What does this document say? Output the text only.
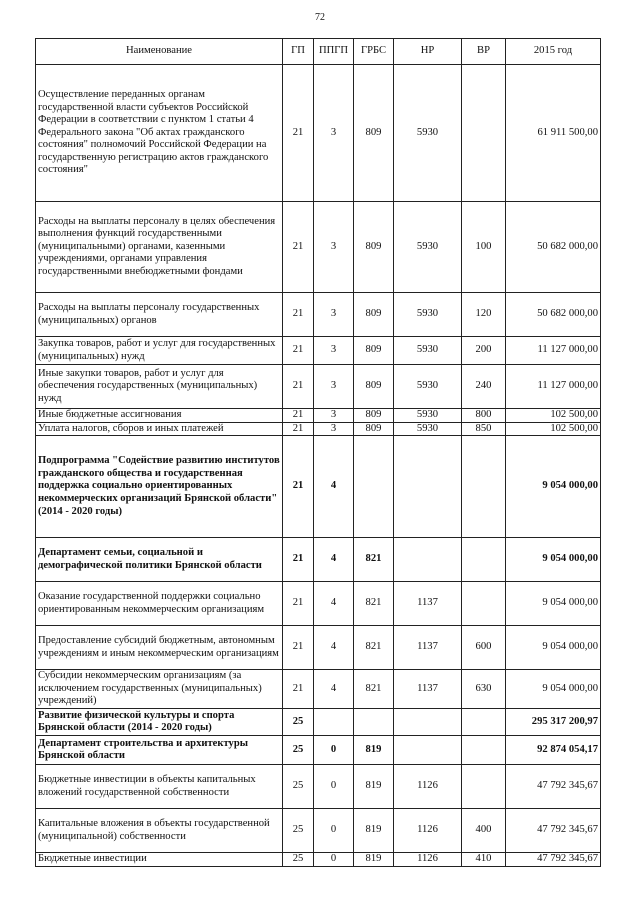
72
Наименование	ГП	ППГП	ГРБС	НР	ВР	2015 год
Осуществление переданных органам государственной власти субъектов Российской Федерации в соответствии с пунктом 1 статьи 4 Федерального закона "Об актах гражданского состояния" полномочий Российской Федерации на государственную регистрацию актов гражданского состояния"	21	3	809	5930		61 911 500,00
Расходы на выплаты персоналу в целях обеспечения выполнения функций государственными (муниципальными) органами, казенными учреждениями, органами управления государственными внебюджетными фондами	21	3	809	5930	100	50 682 000,00
Расходы на выплаты персоналу государственных (муниципальных) органов	21	3	809	5930	120	50 682 000,00
Закупка товаров, работ и услуг для государственных (муниципальных) нужд	21	3	809	5930	200	11 127 000,00
Иные закупки товаров, работ и услуг для обеспечения государственных (муниципальных) нужд	21	3	809	5930	240	11 127 000,00
Иные бюджетные ассигнования	21	3	809	5930	800	102 500,00
Уплата налогов, сборов и иных платежей	21	3	809	5930	850	102 500,00
Подпрограмма "Содействие развитию институтов гражданского общества и государственная поддержка социально ориентированных некоммерческих организаций Брянской области" (2014 - 2020 годы)	21	4				9 054 000,00
Департамент семьи, социальной и демографической политики Брянской области	21	4	821			9 054 000,00
Оказание государственной поддержки социально ориентированным некоммерческим организациям	21	4	821	1137		9 054 000,00
Предоставление субсидий бюджетным, автономным учреждениям и иным некоммерческим организациям	21	4	821	1137	600	9 054 000,00
Субсидии некоммерческим организациям (за исключением государственных (муниципальных) учреждений)	21	4	821	1137	630	9 054 000,00
Развитие физической культуры и спорта Брянской области (2014 - 2020 годы)	25					295 317 200,97
Департамент строительства и архитектуры Брянской области	25	0	819			92 874 054,17
Бюджетные инвестиции в объекты капитальных вложений государственной собственности	25	0	819	1126		47 792 345,67
Капитальные вложения в объекты государственной (муниципальной) собственности	25	0	819	1126	400	47 792 345,67
Бюджетные инвестиции	25	0	819	1126	410	47 792 345,67
